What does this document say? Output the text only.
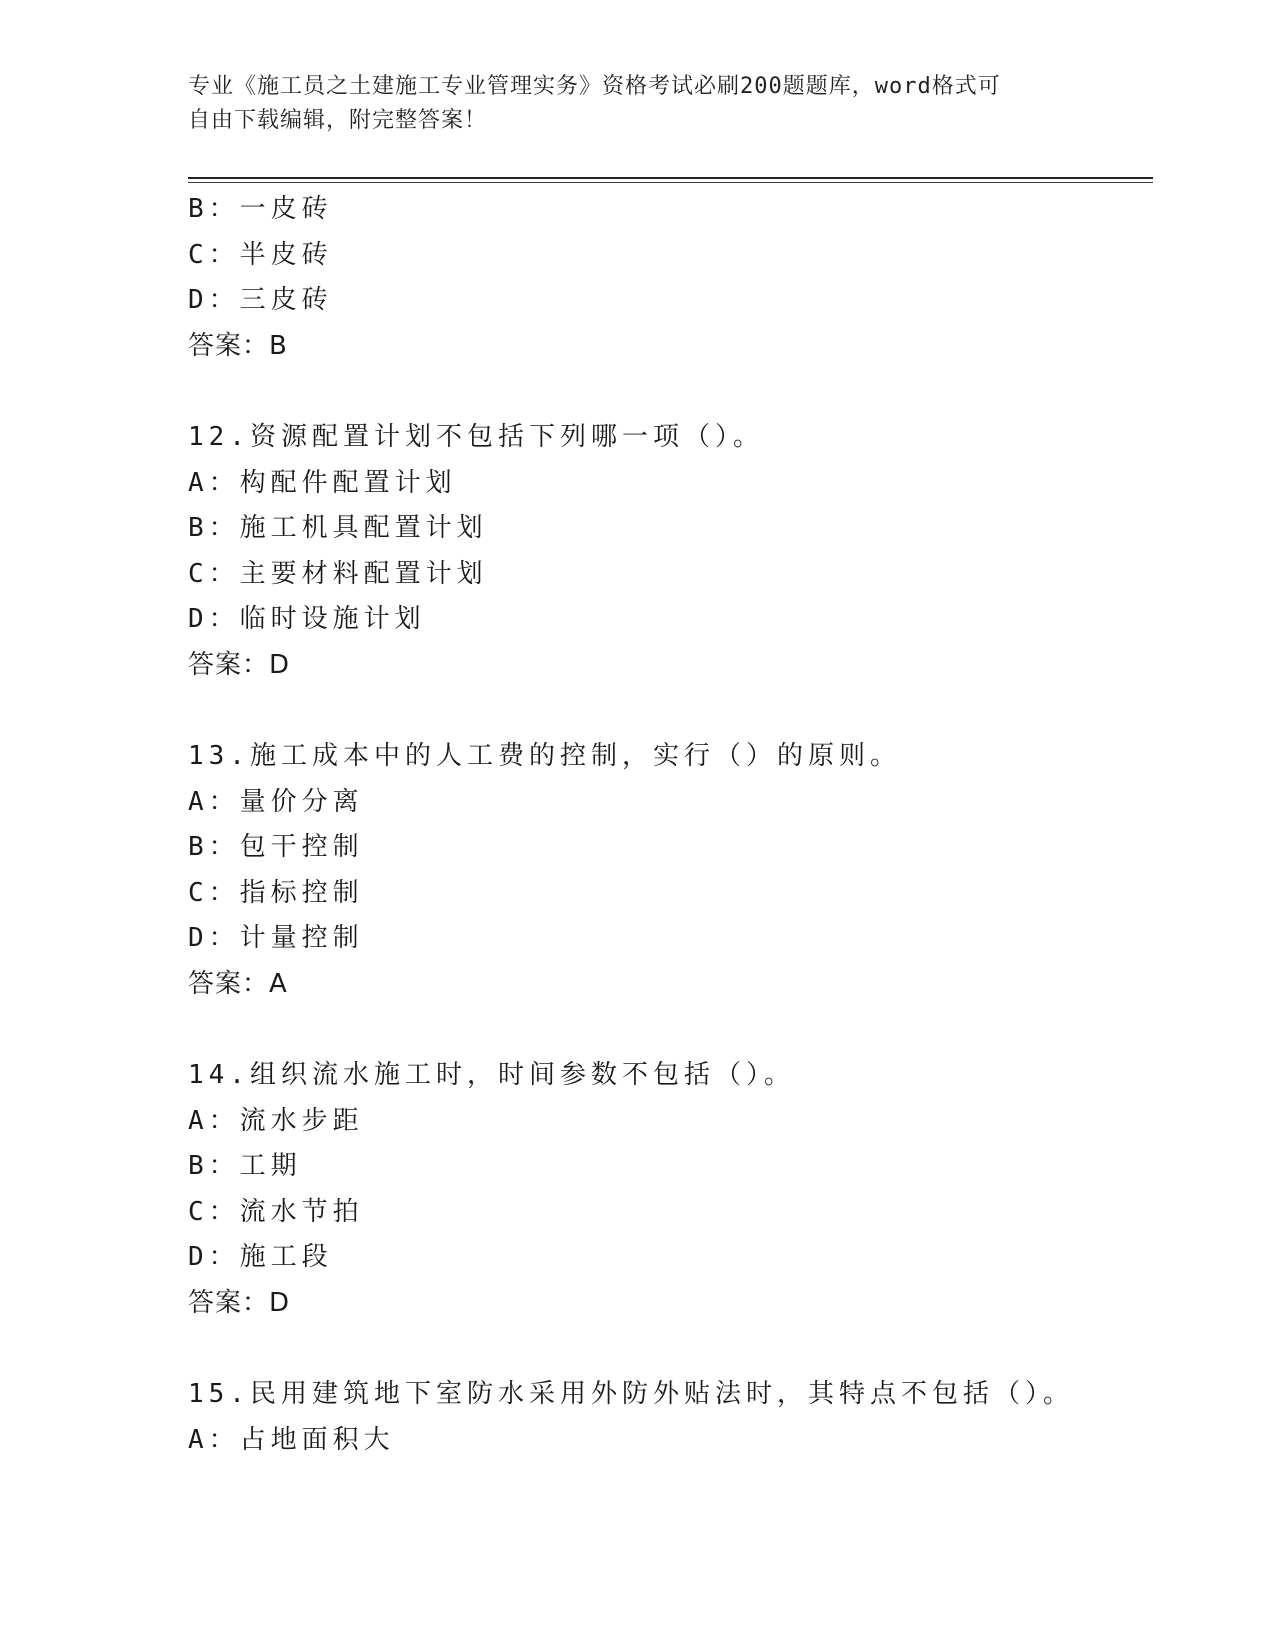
专业《施工员之土建施工专业管理实务》资格考试必刷200题题库，word格式可
自由下载编辑，附完整答案！
B：一皮砖
C：半皮砖
D：三皮砖
答案：B
12.资源配置计划不包括下列哪一项（）。
A：构配件配置计划
B：施工机具配置计划
C：主要材料配置计划
D：临时设施计划
答案：D
13.施工成本中的人工费的控制，实行（）的原则。
A：量价分离
B：包干控制
C：指标控制
D：计量控制
答案：A
14.组织流水施工时，时间参数不包括（）。
A：流水步距
B：工期
C：流水节拍
D：施工段
答案：D
15.民用建筑地下室防水采用外防外贴法时，其特点不包括（）。
A：占地面积大
